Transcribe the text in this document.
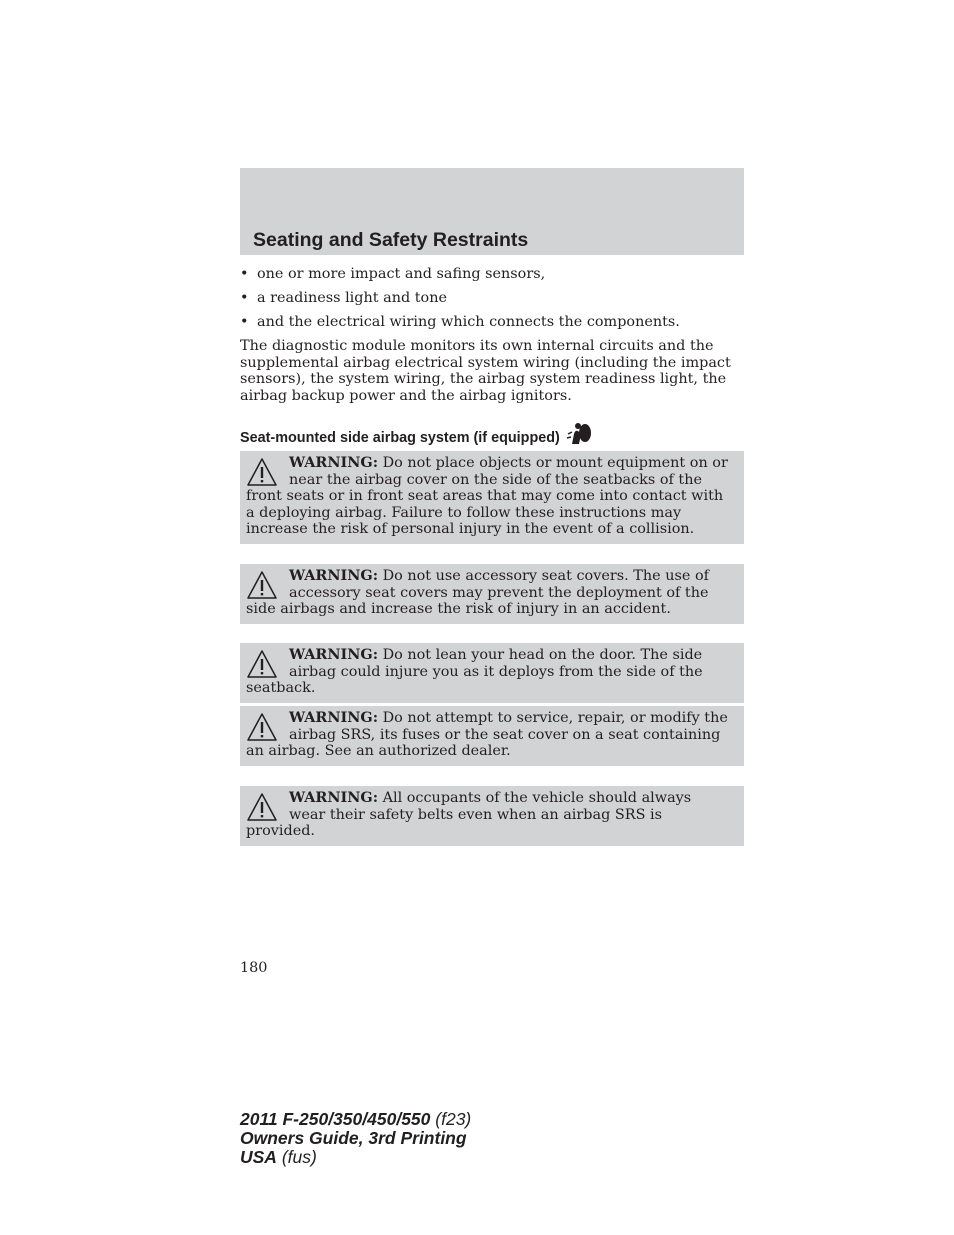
Seating and Safety Restraints
• one or more impact and safing sensors,
• a readiness light and tone
• and the electrical wiring which connects the components.

The diagnostic module monitors its own internal circuits and the supplemental airbag electrical system wiring (including the impact sensors), the system wiring, the airbag system readiness light, the airbag backup power and the airbag ignitors.

Seat-mounted side airbag system (if equipped)
WARNING: Do not place objects or mount equipment on or near the airbag cover on the side of the seatbacks of the front seats or in front seat areas that may come into contact with a deploying airbag. Failure to follow these instructions may increase the risk of personal injury in the event of a collision.
WARNING: Do not use accessory seat covers. The use of accessory seat covers may prevent the deployment of the side airbags and increase the risk of injury in an accident.
WARNING: Do not lean your head on the door. The side airbag could injure you as it deploys from the side of the seatback.
WARNING: Do not attempt to service, repair, or modify the airbag SRS, its fuses or the seat cover on a seat containing an airbag. See an authorized dealer.
WARNING: All occupants of the vehicle should always wear their safety belts even when an airbag SRS is provided.
180
2011 F-250/350/450/550 (f23)
Owners Guide, 3rd Printing
USA (fus)
